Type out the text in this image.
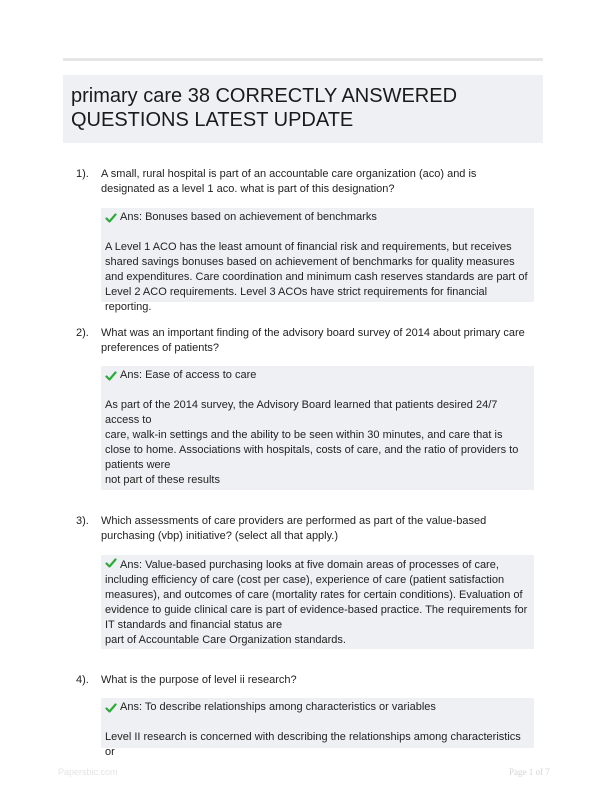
primary care 38 CORRECTLY ANSWERED QUESTIONS LATEST UPDATE
1). A small, rural hospital is part of an accountable care organization (aco) and is designated as a level 1 aco. what is part of this designation?
Ans: Bonuses based on achievement of benchmarks

A Level 1 ACO has the least amount of financial risk and requirements, but receives shared savings bonuses based on achievement of benchmarks for quality measures and expenditures. Care coordination and minimum cash reserves standards are part of Level 2 ACO requirements. Level 3 ACOs have strict requirements for financial reporting.

2). What was an important finding of the advisory board survey of 2014 about primary care preferences of patients?
Ans: Ease of access to care

As part of the 2014 survey, the Advisory Board learned that patients desired 24/7 access to

care, walk-in settings and the ability to be seen within 30 minutes, and care that is close to home. Associations with hospitals, costs of care, and the ratio of providers to patients were

not part of these results

3). Which assessments of care providers are performed as part of the value-based purchasing (vbp) initiative? (select all that apply.)
Ans: Value-based purchasing looks at five domain areas of processes of care, including efficiency of care (cost per case), experience of care (patient satisfaction measures), and outcomes of care (mortality rates for certain conditions). Evaluation of evidence to guide clinical care is part of evidence-based practice. The requirements for IT standards and financial status are
part of Accountable Care Organization standards.
4). What is the purpose of level ii research?
Ans: To describe relationships among characteristics or variables

Level II research is concerned with describing the relationships among characteristics or

Papersbic.com	Page 1 of 7
